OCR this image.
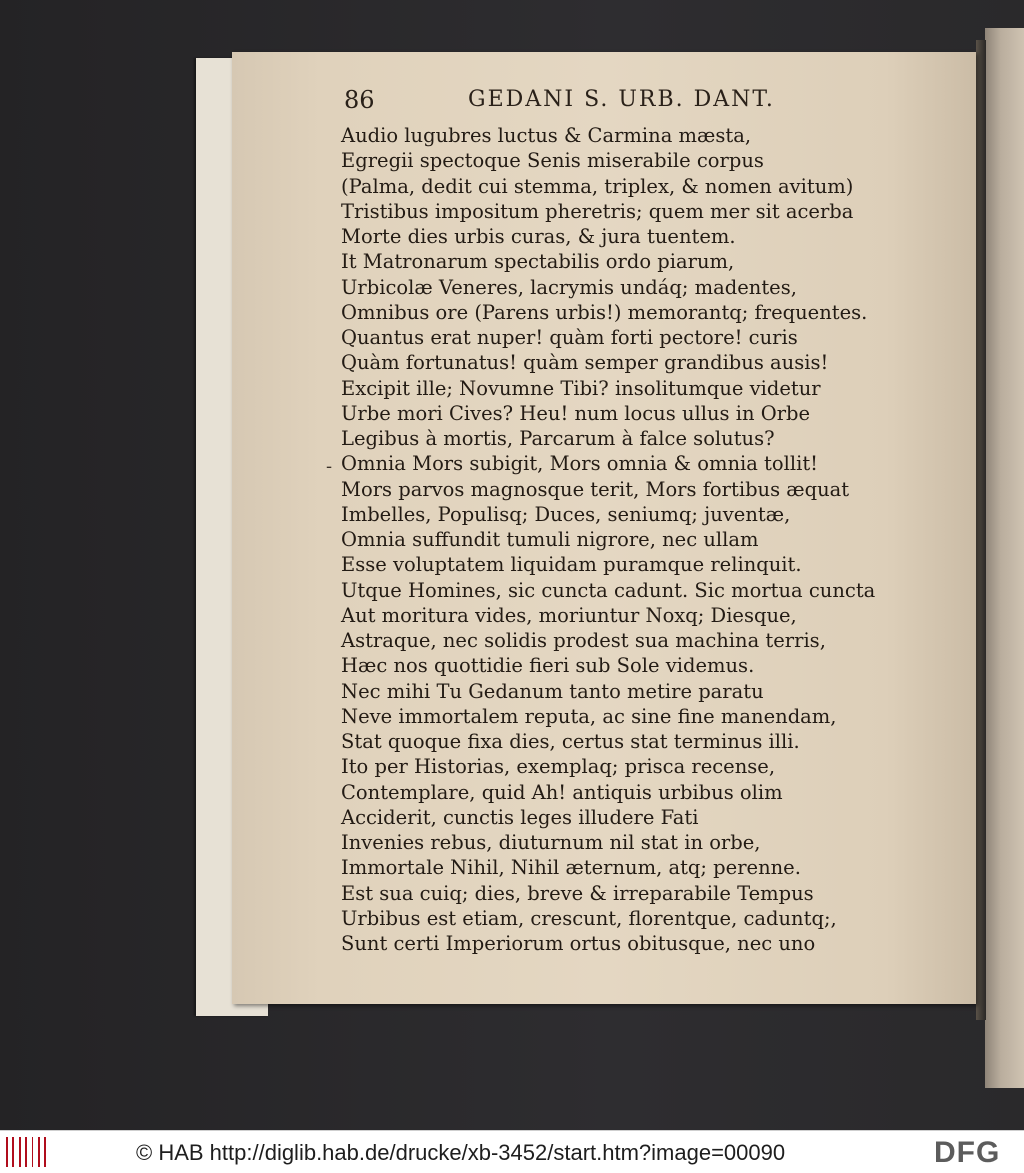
86	GEDANI S. URB. DANT.
-
Audio lugubres luctus & Carmina mæsta,
Egregii spectoque Senis miserabile corpus
(Palma, dedit cui stemma, triplex, & nomen avitum)
Tristibus impositum pheretris; quem mer sit acerba
Morte dies urbis curas, & jura tuentem.
It Matronarum spectabilis ordo piarum,
Urbicolæ Veneres, lacrymis undáq; madentes,
Omnibus ore (Parens urbis!) memorantq; frequentes.
Quantus erat nuper! quàm forti pectore! curis
Quàm fortunatus! quàm semper grandibus ausis!
Excipit ille; Novumne Tibi? insolitumque videtur
Urbe mori Cives? Heu! num locus ullus in Orbe
Legibus à mortis, Parcarum à falce solutus?
Omnia Mors subigit, Mors omnia & omnia tollit!
Mors parvos magnosque terit, Mors fortibus æquat
Imbelles, Populisq; Duces, seniumq; juventæ,
Omnia suffundit tumuli nigrore, nec ullam
Esse voluptatem liquidam puramque relinquit.
Utque Homines, sic cuncta cadunt. Sic mortua cuncta
Aut moritura vides, moriuntur Noxq; Diesque,
Astraque, nec solidis prodest sua machina terris,
Hæc nos quottidie fieri sub Sole videmus.
Nec mihi Tu Gedanum tanto metire paratu
Neve immortalem reputa, ac sine fine manendam,
Stat quoque fixa dies, certus stat terminus illi.
Ito per Historias, exemplaq; prisca recense,
Contemplare, quid Ah! antiquis urbibus olim
Acciderit, cunctis leges illudere Fati
Invenies rebus, diuturnum nil stat in orbe,
Immortale Nihil, Nihil æternum, atq; perenne.
Est sua cuiq; dies, breve & irreparabile Tempus
Urbibus est etiam, crescunt, florentque, caduntq;,
Sunt certi Imperiorum ortus obitusque, nec uno
© HAB http://diglib.hab.de/drucke/xb-3452/start.htm?image=00090	DFG
